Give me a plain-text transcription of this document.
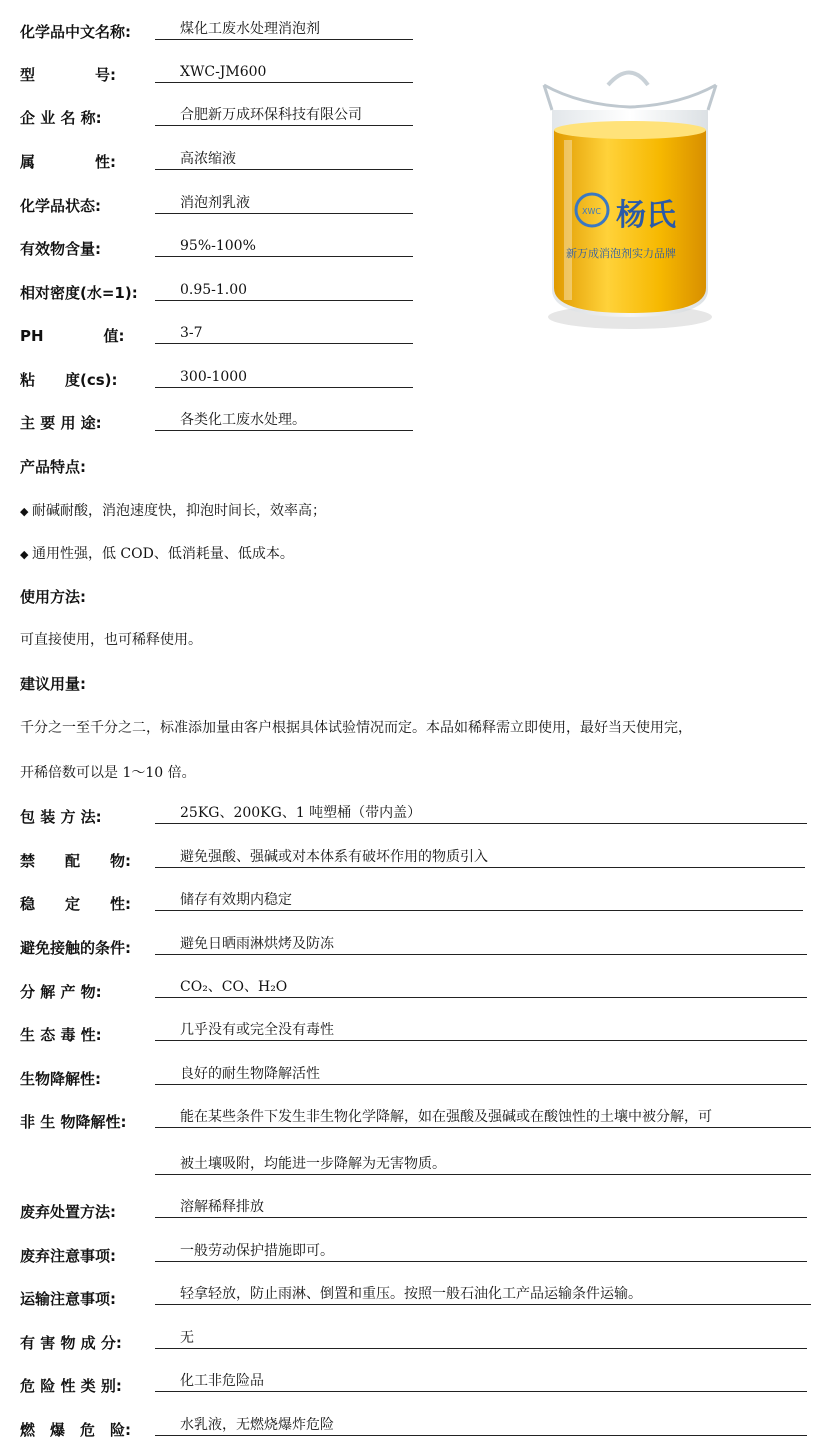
化学品中文名称:	煤化工废水处理消泡剂
型　　　　号:	XWC-JM600
企 业 名 称:	合肥新万成环保科技有限公司
属　　　　性:	高浓缩液
化学品状态:	消泡剂乳液
有效物含量:	95%-100%
相对密度(水=1):	0.95-1.00
PH　　　　值:	3-7
粘　　度(cs):	300-1000
主 要 用 途:	各类化工废水处理。
XWC 杨氏
新万成消泡剂实力品牌
产品特点:
◆ 耐碱耐酸，消泡速度快，抑泡时间长，效率高；
◆ 通用性强，低 COD、低消耗量、低成本。
使用方法:
可直接使用，也可稀释使用。
建议用量:
千分之一至千分之二，标准添加量由客户根据具体试验情况而定。本品如稀释需立即使用，最好当天使用完，
开稀倍数可以是 1～10 倍。
包 装 方 法:	25KG、200KG、1 吨塑桶（带内盖）
禁　　配　　物:	避免强酸、强碱或对本体系有破坏作用的物质引入
稳　　定　　性:	储存有效期内稳定
避免接触的条件:	避免日晒雨淋烘烤及防冻
分 解 产 物:	CO₂、CO、H₂O
生 态 毒 性:	几乎没有或完全没有毒性
生物降解性:	良好的耐生物降解活性
非 生 物降解性:	能在某些条件下发生非生物化学降解，如在强酸及强碱或在酸蚀性的土壤中被分解，可
被土壤吸附，均能进一步降解为无害物质。
废弃处置方法:	溶解稀释排放
废弃注意事项:	一般劳动保护措施即可。
运输注意事项:	轻拿轻放，防止雨淋、倒置和重压。按照一般石油化工产品运输条件运输。
有 害 物 成 分:	无
危 险 性 类 别:	化工非危险品
燃　爆　危　险:	水乳液，无燃烧爆炸危险
